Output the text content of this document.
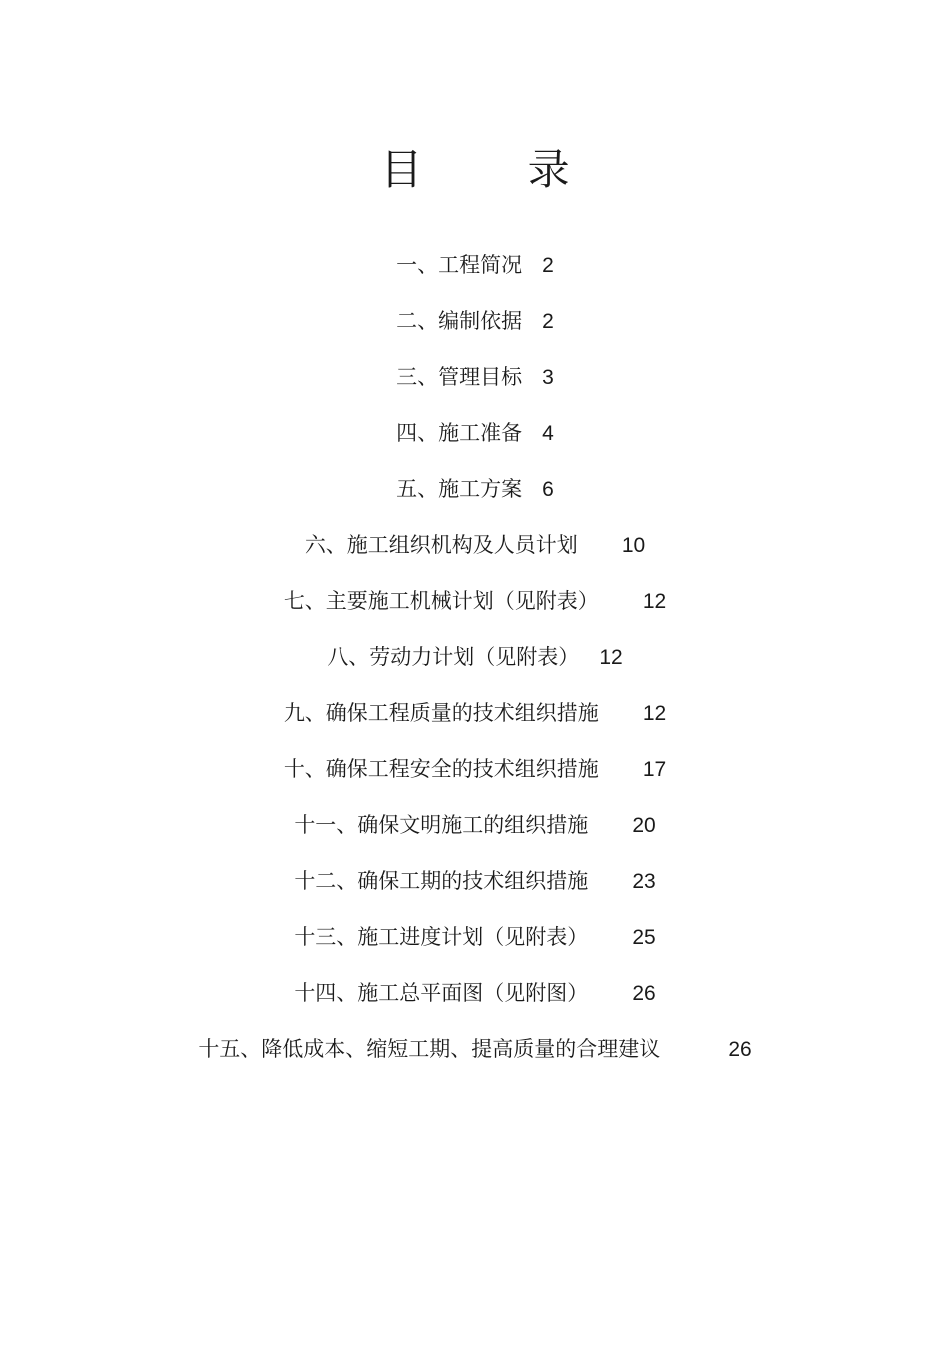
目 录
一、工程简况 2
二、编制依据 2
三、管理目标 3
四、施工准备 4
五、施工方案 6
六、施工组织机构及人员计划 10
七、主要施工机械计划（见附表） 12
八、劳动力计划（见附表） 12
九、确保工程质量的技术组织措施 12
十、确保工程安全的技术组织措施 17
十一、确保文明施工的组织措施 20
十二、确保工期的技术组织措施 23
十三、施工进度计划（见附表） 25
十四、施工总平面图（见附图） 26
十五、降低成本、缩短工期、提高质量的合理建议	26
